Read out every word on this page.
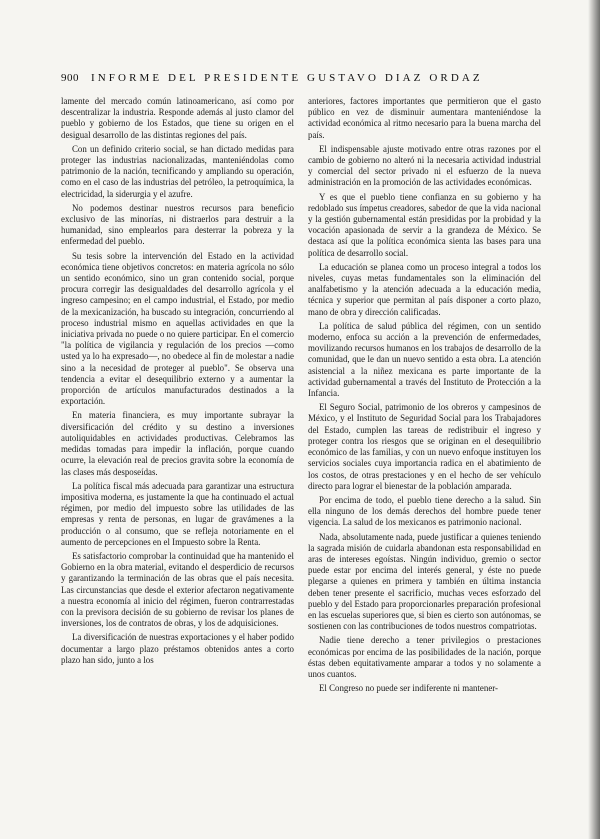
900 INFORME DEL PRESIDENTE GUSTAVO DIAZ ORDAZ

lamente del mercado común latinoamericano, así como por descentralizar la industria. Responde además al justo clamor del pueblo y gobierno de los Estados, que tiene su origen en el desigual desarrollo de las distintas regiones del país.

Con un definido criterio social, se han dictado medidas para proteger las industrias nacionalizadas, manteniéndolas como patrimonio de la nación, tecnificando y ampliando su operación, como en el caso de las industrias del petróleo, la petroquímica, la electricidad, la siderurgia y el azufre.

No podemos destinar nuestros recursos para beneficio exclusivo de las minorías, ni distraerlos para destruir a la humanidad, sino emplearlos para desterrar la pobreza y la enfermedad del pueblo.

Su tesis sobre la intervención del Estado en la actividad económica tiene objetivos concretos: en materia agrícola no sólo un sentido económico, sino un gran contenido social, porque procura corregir las desigualdades del desarrollo agrícola y el ingreso campesino; en el campo industrial, el Estado, por medio de la mexicanización, ha buscado su integración, concurriendo al proceso industrial mismo en aquellas actividades en que la iniciativa privada no puede o no quiere participar. En el comercio "la política de vigilancia y regulación de los precios —como usted ya lo ha expresado—, no obedece al fin de molestar a nadie sino a la necesidad de proteger al pueblo". Se observa una tendencia a evitar el desequilibrio externo y a aumentar la proporción de artículos manufacturados destinados a la exportación.

En materia financiera, es muy importante subrayar la diversificación del crédito y su destino a inversiones autoliquidables en actividades productivas. Celebramos las medidas tomadas para impedir la inflación, porque cuando ocurre, la elevación real de precios gravita sobre la economía de las clases más desposeídas.

La política fiscal más adecuada para garantizar una estructura impositiva moderna, es justamente la que ha continuado el actual régimen, por medio del impuesto sobre las utilidades de las empresas y renta de personas, en lugar de gravámenes a la producción o al consumo, que se refleja notoriamente en el aumento de percepciones en el Impuesto sobre la Renta.

Es satisfactorio comprobar la continuidad que ha mantenido el Gobierno en la obra material, evitando el desperdicio de recursos y garantizando la terminación de las obras que el país necesita. Las circunstancias que desde el exterior afectaron negativamente a nuestra economía al inicio del régimen, fueron contrarrestadas con la previsora decisión de su gobierno de revisar los planes de inversiones, los de contratos de obras, y los de adquisiciones.

La diversificación de nuestras exportaciones y el haber podido documentar a largo plazo préstamos obtenidos antes a corto plazo han sido, junto a los

anteriores, factores importantes que permitieron que el gasto público en vez de disminuir aumentara manteniéndose la actividad económica al ritmo necesario para la buena marcha del país.

El indispensable ajuste motivado entre otras razones por el cambio de gobierno no alteró ni la necesaria actividad industrial y comercial del sector privado ni el esfuerzo de la nueva administración en la promoción de las actividades económicas.

Y es que el pueblo tiene confianza en su gobierno y ha redoblado sus ímpetus creadores, sabedor de que la vida nacional y la gestión gubernamental están presididas por la probidad y la vocación apasionada de servir a la grandeza de México. Se destaca así que la política económica sienta las bases para una política de desarrollo social.

La educación se planea como un proceso integral a todos los niveles, cuyas metas fundamentales son la eliminación del analfabetismo y la atención adecuada a la educación media, técnica y superior que permitan al país disponer a corto plazo, mano de obra y dirección calificadas.

La política de salud pública del régimen, con un sentido moderno, enfoca su acción a la prevención de enfermedades, movilizando recursos humanos en los trabajos de desarrollo de la comunidad, que le dan un nuevo sentido a esta obra. La atención asistencial a la niñez mexicana es parte importante de la actividad gubernamental a través del Instituto de Protección a la Infancia.

El Seguro Social, patrimonio de los obreros y campesinos de México, y el Instituto de Seguridad Social para los Trabajadores del Estado, cumplen las tareas de redistribuir el ingreso y proteger contra los riesgos que se originan en el desequilibrio económico de las familias, y con un nuevo enfoque instituyen los servicios sociales cuya importancia radica en el abatimiento de los costos, de otras prestaciones y en el hecho de ser vehículo directo para lograr el bienestar de la población amparada.

Por encima de todo, el pueblo tiene derecho a la salud. Sin ella ninguno de los demás derechos del hombre puede tener vigencia. La salud de los mexicanos es patrimonio nacional.

Nada, absolutamente nada, puede justificar a quienes teniendo la sagrada misión de cuidarla abandonan esta responsabilidad en aras de intereses egoístas. Ningún individuo, gremio o sector puede estar por encima del interés general, y éste no puede plegarse a quienes en primera y también en última instancia deben tener presente el sacrificio, muchas veces esforzado del pueblo y del Estado para proporcionarles preparación profesional en las escuelas superiores que, si bien es cierto son autónomas, se sostienen con las contribuciones de todos nuestros compatriotas.

Nadie tiene derecho a tener privilegios o prestaciones económicas por encima de las posibilidades de la nación, porque éstas deben equitativamente amparar a todos y no solamente a unos cuantos.

El Congreso no puede ser indiferente ni mantener-
